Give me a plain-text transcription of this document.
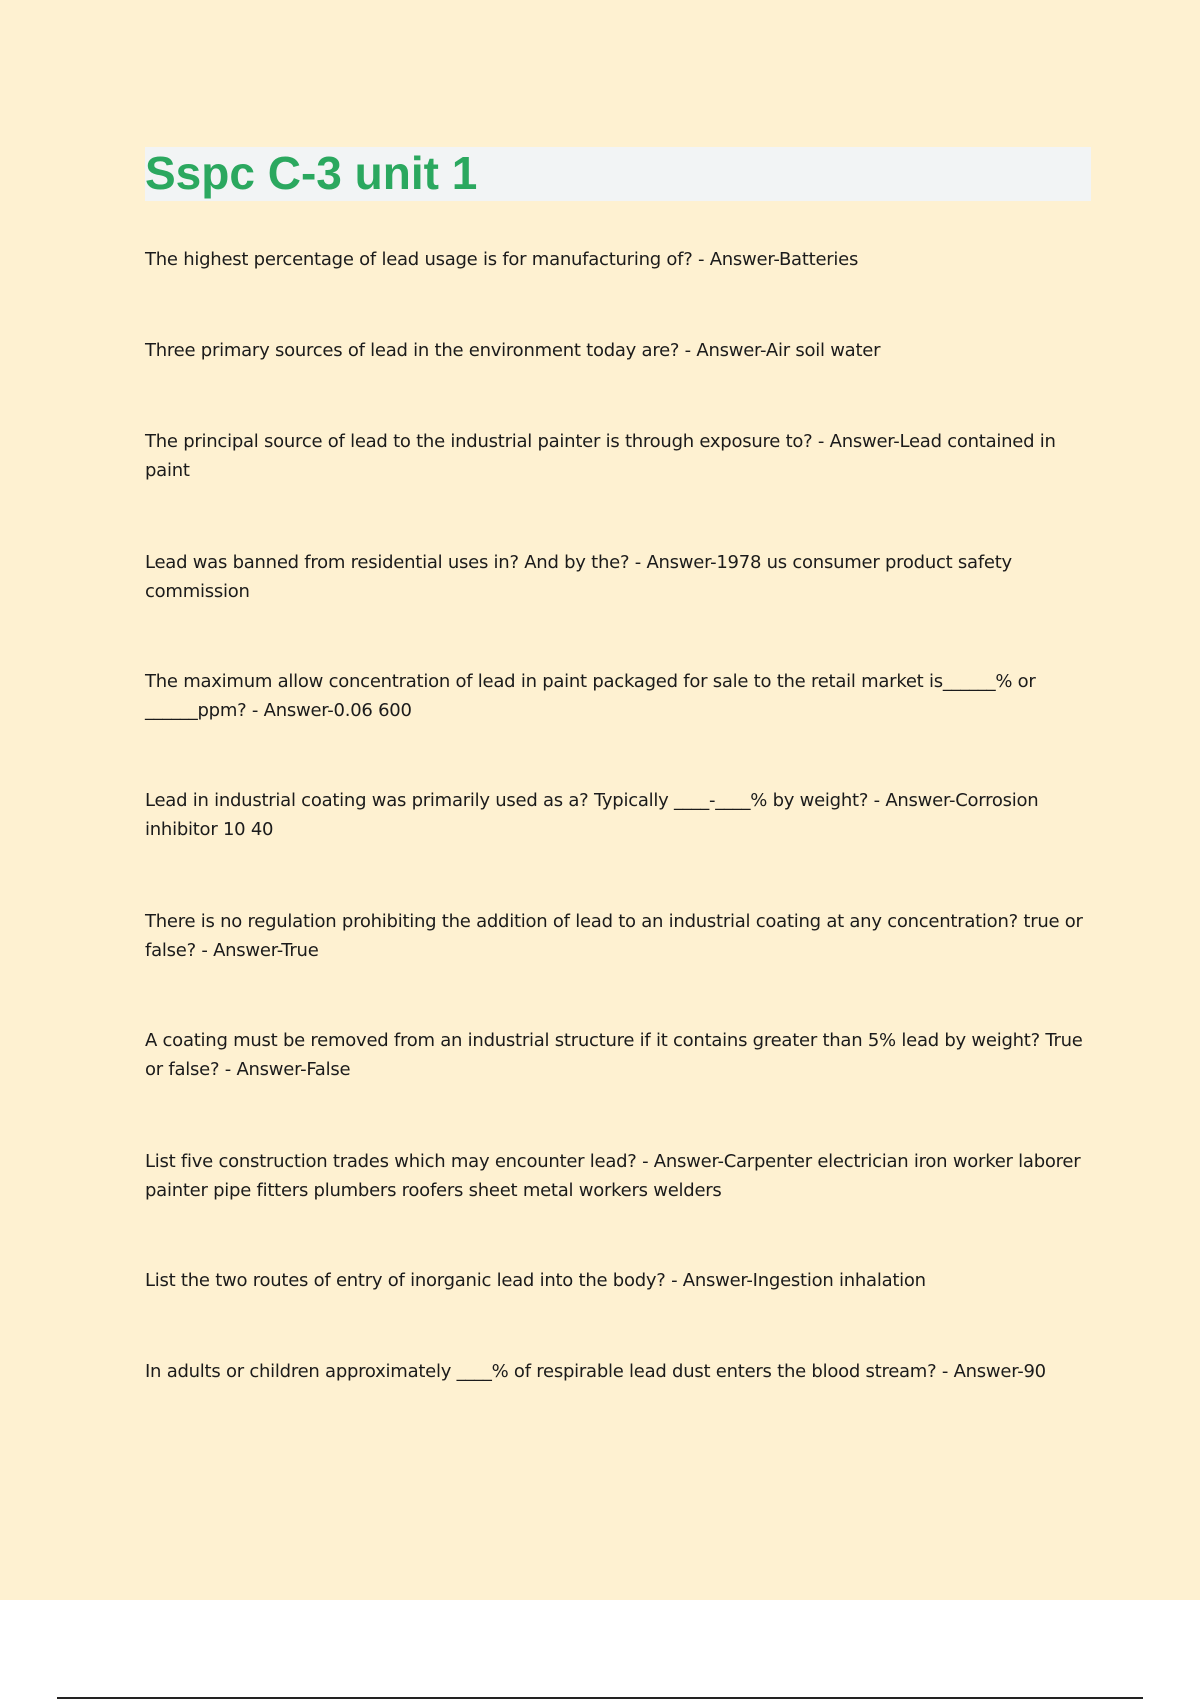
Sspc C-3 unit 1

The highest percentage of lead usage is for manufacturing of? - Answer-Batteries

Three primary sources of lead in the environment today are? - Answer-Air soil water

The principal source of lead to the industrial painter is through exposure to? - Answer-Lead contained in paint

Lead was banned from residential uses in? And by the? - Answer-1978 us consumer product safety commission

The maximum allow concentration of lead in paint packaged for sale to the retail market is______% or ______ppm? - Answer-0.06 600

Lead in industrial coating was primarily used as a? Typically ____-____% by weight? - Answer-Corrosion inhibitor 10 40

There is no regulation prohibiting the addition of lead to an industrial coating at any concentration? true or false? - Answer-True

A coating must be removed from an industrial structure if it contains greater than 5% lead by weight? True or false? - Answer-False

List five construction trades which may encounter lead? - Answer-Carpenter electrician iron worker laborer painter pipe fitters plumbers roofers sheet metal workers welders

List the two routes of entry of inorganic lead into the body? - Answer-Ingestion inhalation

In adults or children approximately ____% of respirable lead dust enters the blood stream? - Answer-90
